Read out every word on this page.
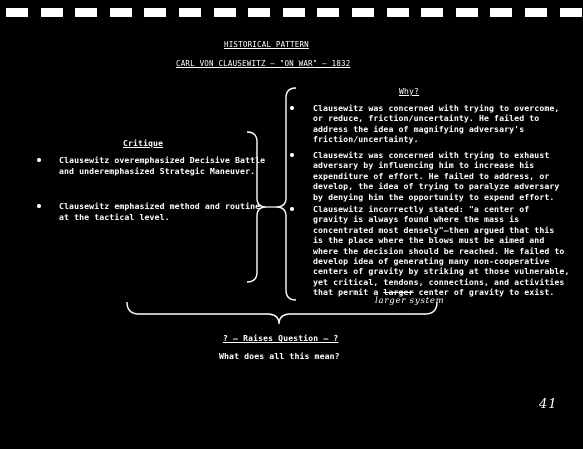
HISTORICAL PATTERN
CARL VON CLAUSEWITZ — "ON WAR" — 1832
Critique
Clausewitz overemphasized Decisive Battle
and underemphasized Strategic Maneuver.
Clausewitz emphasized method and routine
at the tactical level.
Why?
Clausewitz was concerned with trying to overcome,
or reduce, friction/uncertainty. He failed to
address the idea of magnifying adversary's
friction/uncertainty.
Clausewitz was concerned with trying to exhaust
adversary by influencing him to increase his
expenditure of effort. He failed to address, or
develop, the idea of trying to paralyze adversary
by denying him the opportunity to expend effort.
Clausewitz incorrectly stated: "a center of
gravity is always found where the mass is
concentrated most densely"—then argued that this
is the place where the blows must be aimed and
where the decision should be reached. He failed to
develop idea of generating many non-cooperative
centers of gravity by striking at those vulnerable,
yet critical, tendons, connections, and activities
that permit a larger center of gravity to exist.
larger system
? — Raises Question — ?
What does all this mean?
41
